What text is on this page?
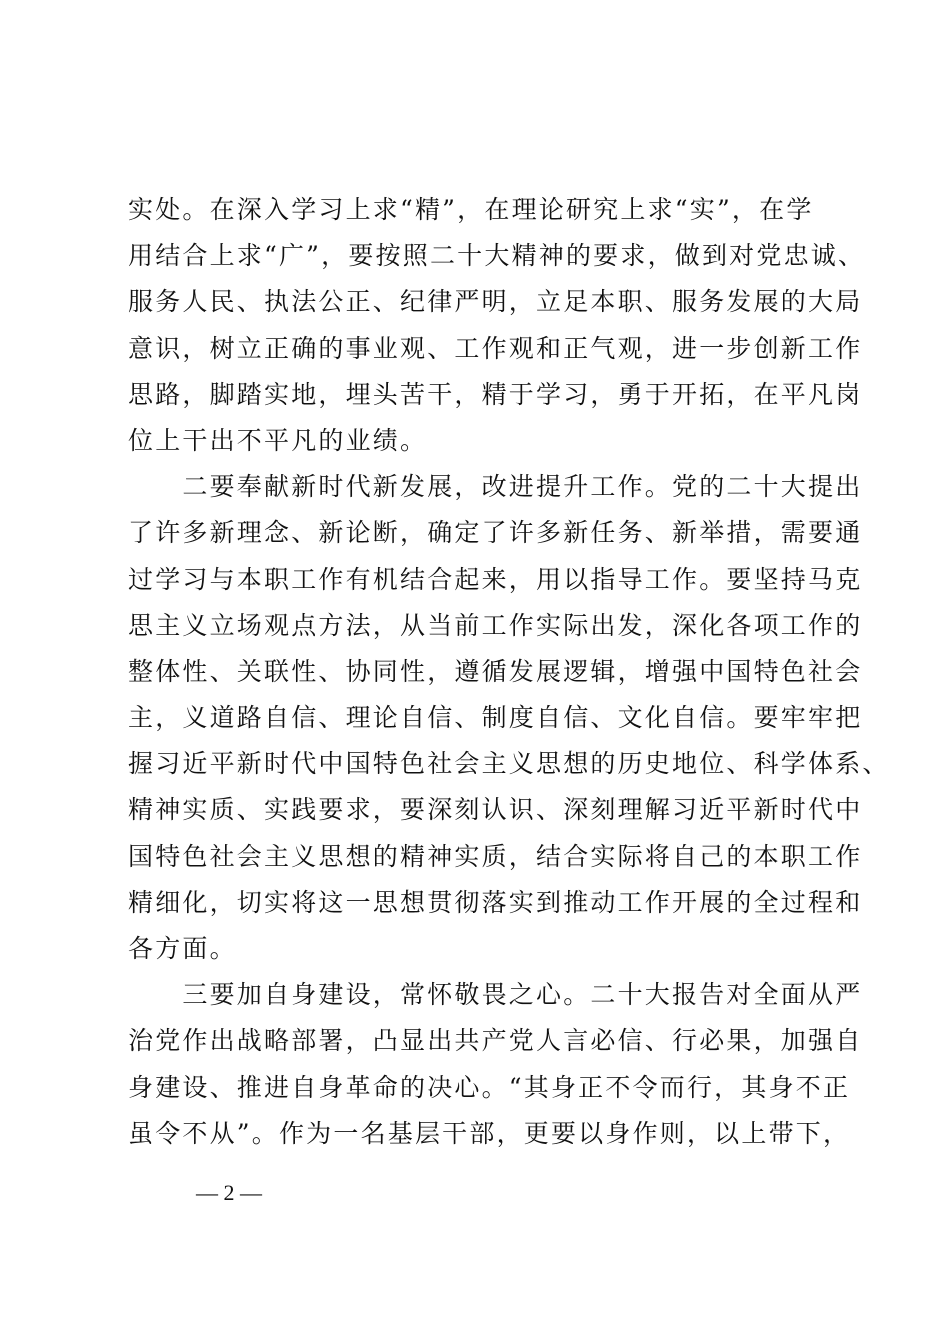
实处。在深入学习上求“精”，在理论研究上求“实”，在学
用结合上求“广”，要按照二十大精神的要求，做到对党忠诚、
服务人民、执法公正、纪律严明，立足本职、服务发展的大局
意识，树立正确的事业观、工作观和正气观，进一步创新工作
思路，脚踏实地，埋头苦干，精于学习，勇于开拓，在平凡岗
位上干出不平凡的业绩。
　　二要奉献新时代新发展，改进提升工作。党的二十大提出
了许多新理念、新论断，确定了许多新任务、新举措，需要通
过学习与本职工作有机结合起来，用以指导工作。要坚持马克
思主义立场观点方法，从当前工作实际出发，深化各项工作的
整体性、关联性、协同性，遵循发展逻辑，增强中国特色社会
主，义道路自信、理论自信、制度自信、文化自信。要牢牢把
握习近平新时代中国特色社会主义思想的历史地位、科学体系、
精神实质、实践要求，要深刻认识、深刻理解习近平新时代中
国特色社会主义思想的精神实质，结合实际将自己的本职工作
精细化，切实将这一思想贯彻落实到推动工作开展的全过程和
各方面。
　　三要加自身建设，常怀敬畏之心。二十大报告对全面从严
治党作出战略部署，凸显出共产党人言必信、行必果，加强自
身建设、推进自身革命的决心。“其身正不令而行，其身不正
虽令不从”。作为一名基层干部，更要以身作则，以上带下，
— 2 —
